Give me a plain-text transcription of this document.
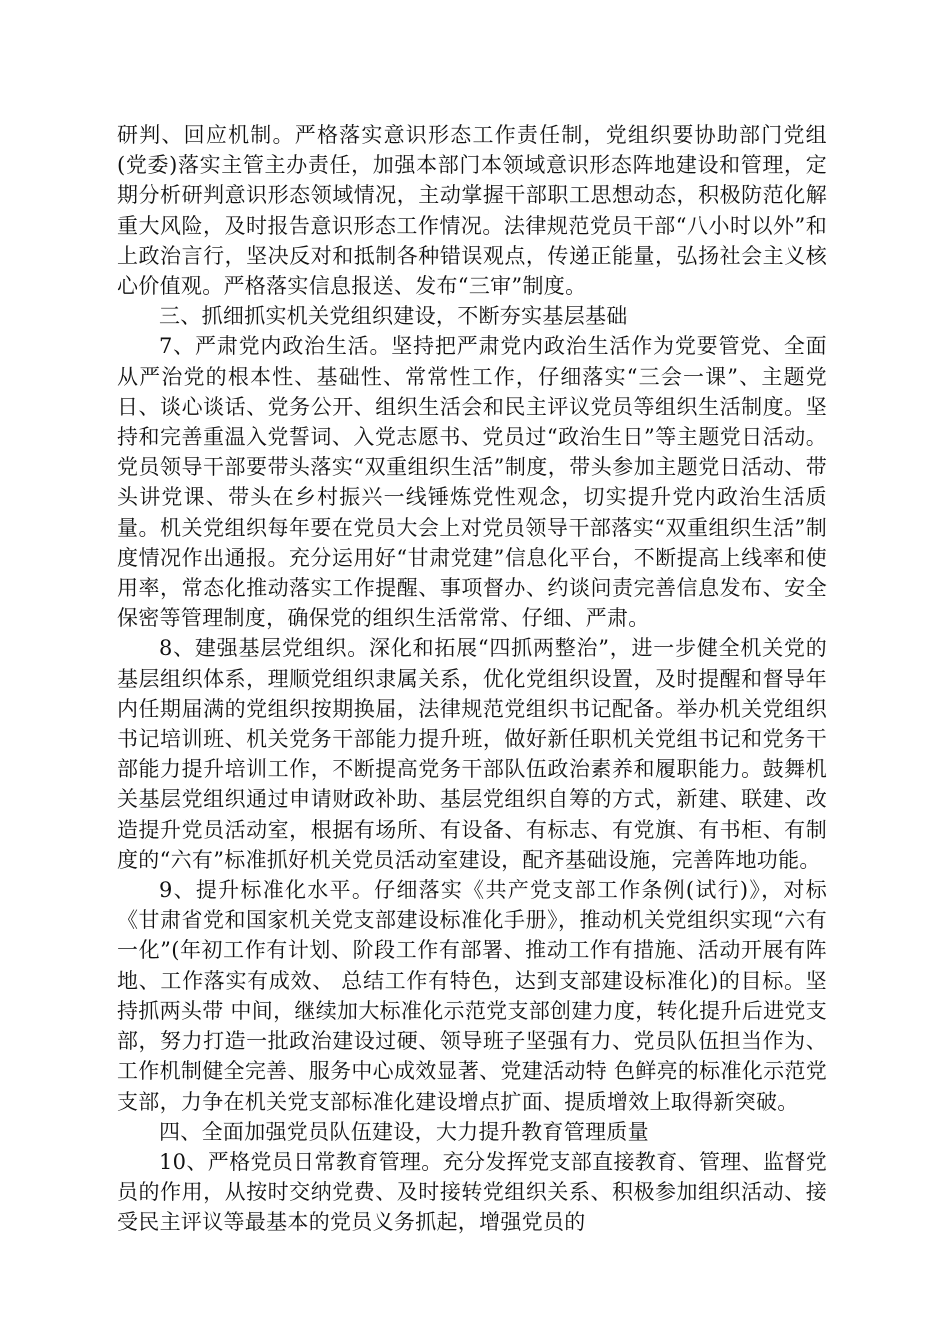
研判、回应机制。严格落实意识形态工作责任制，党组织要协助部门党组(党委)落实主管主办责任，加强本部门本领域意识形态阵地建设和管理，定期分析研判意识形态领域情况，主动掌握干部职工思想动态，积极防范化解重大风险，及时报告意识形态工作情况。法律规范党员干部“八小时以外”和上政治言行，坚决反对和抵制各种错误观点，传递正能量，弘扬社会主义核心价值观。严格落实信息报送、发布“三审”制度。

三、抓细抓实机关党组织建设，不断夯实基层基础

7、严肃党内政治生活。坚持把严肃党内政治生活作为党要管党、全面从严治党的根本性、基础性、常常性工作，仔细落实“三会一课”、主题党日、谈心谈话、党务公开、组织生活会和民主评议党员等组织生活制度。坚持和完善重温入党誓词、入党志愿书、党员过“政治生日”等主题党日活动。党员领导干部要带头落实“双重组织生活”制度，带头参加主题党日活动、带头讲党课、带头在乡村振兴一线锤炼党性观念，切实提升党内政治生活质量。机关党组织每年要在党员大会上对党员领导干部落实“双重组织生活”制度情况作出通报。充分运用好“甘肃党建”信息化平台，不断提高上线率和使用率，常态化推动落实工作提醒、事项督办、约谈问责完善信息发布、安全保密等管理制度，确保党的组织生活常常、仔细、严肃。

8、建强基层党组织。深化和拓展“四抓两整治”，进一步健全机关党的基层组织体系，理顺党组织隶属关系，优化党组织设置，及时提醒和督导年内任期届满的党组织按期换届，法律规范党组织书记配备。举办机关党组织书记培训班、机关党务干部能力提升班，做好新任职机关党组书记和党务干部能力提升培训工作，不断提高党务干部队伍政治素养和履职能力。鼓舞机关基层党组织通过申请财政补助、基层党组织自筹的方式，新建、联建、改造提升党员活动室，根据有场所、有设备、有标志、有党旗、有书柜、有制度的“六有”标准抓好机关党员活动室建设，配齐基础设施，完善阵地功能。

9、提升标准化水平。仔细落实《共产党支部工作条例(试行)》，对标《甘肃省党和国家机关党支部建设标准化手册》，推动机关党组织实现“六有一化”(年初工作有计划、阶段工作有部署、推动工作有措施、活动开展有阵地、工作落实有成效、 总结工作有特色，达到支部建设标准化)的目标。坚持抓两头带 中间，继续加大标准化示范党支部创建力度，转化提升后进党支部，努力打造一批政治建设过硬、领导班子坚强有力、党员队伍担当作为、工作机制健全完善、服务中心成效显著、党建活动特 色鲜亮的标准化示范党支部，力争在机关党支部标准化建设增点扩面、提质增效上取得新突破。

四、全面加强党员队伍建设，大力提升教育管理质量

10、严格党员日常教育管理。充分发挥党支部直接教育、管理、监督党员的作用，从按时交纳党费、及时接转党组织关系、积极参加组织活动、接受民主评议等最基本的党员义务抓起，增强党员的
